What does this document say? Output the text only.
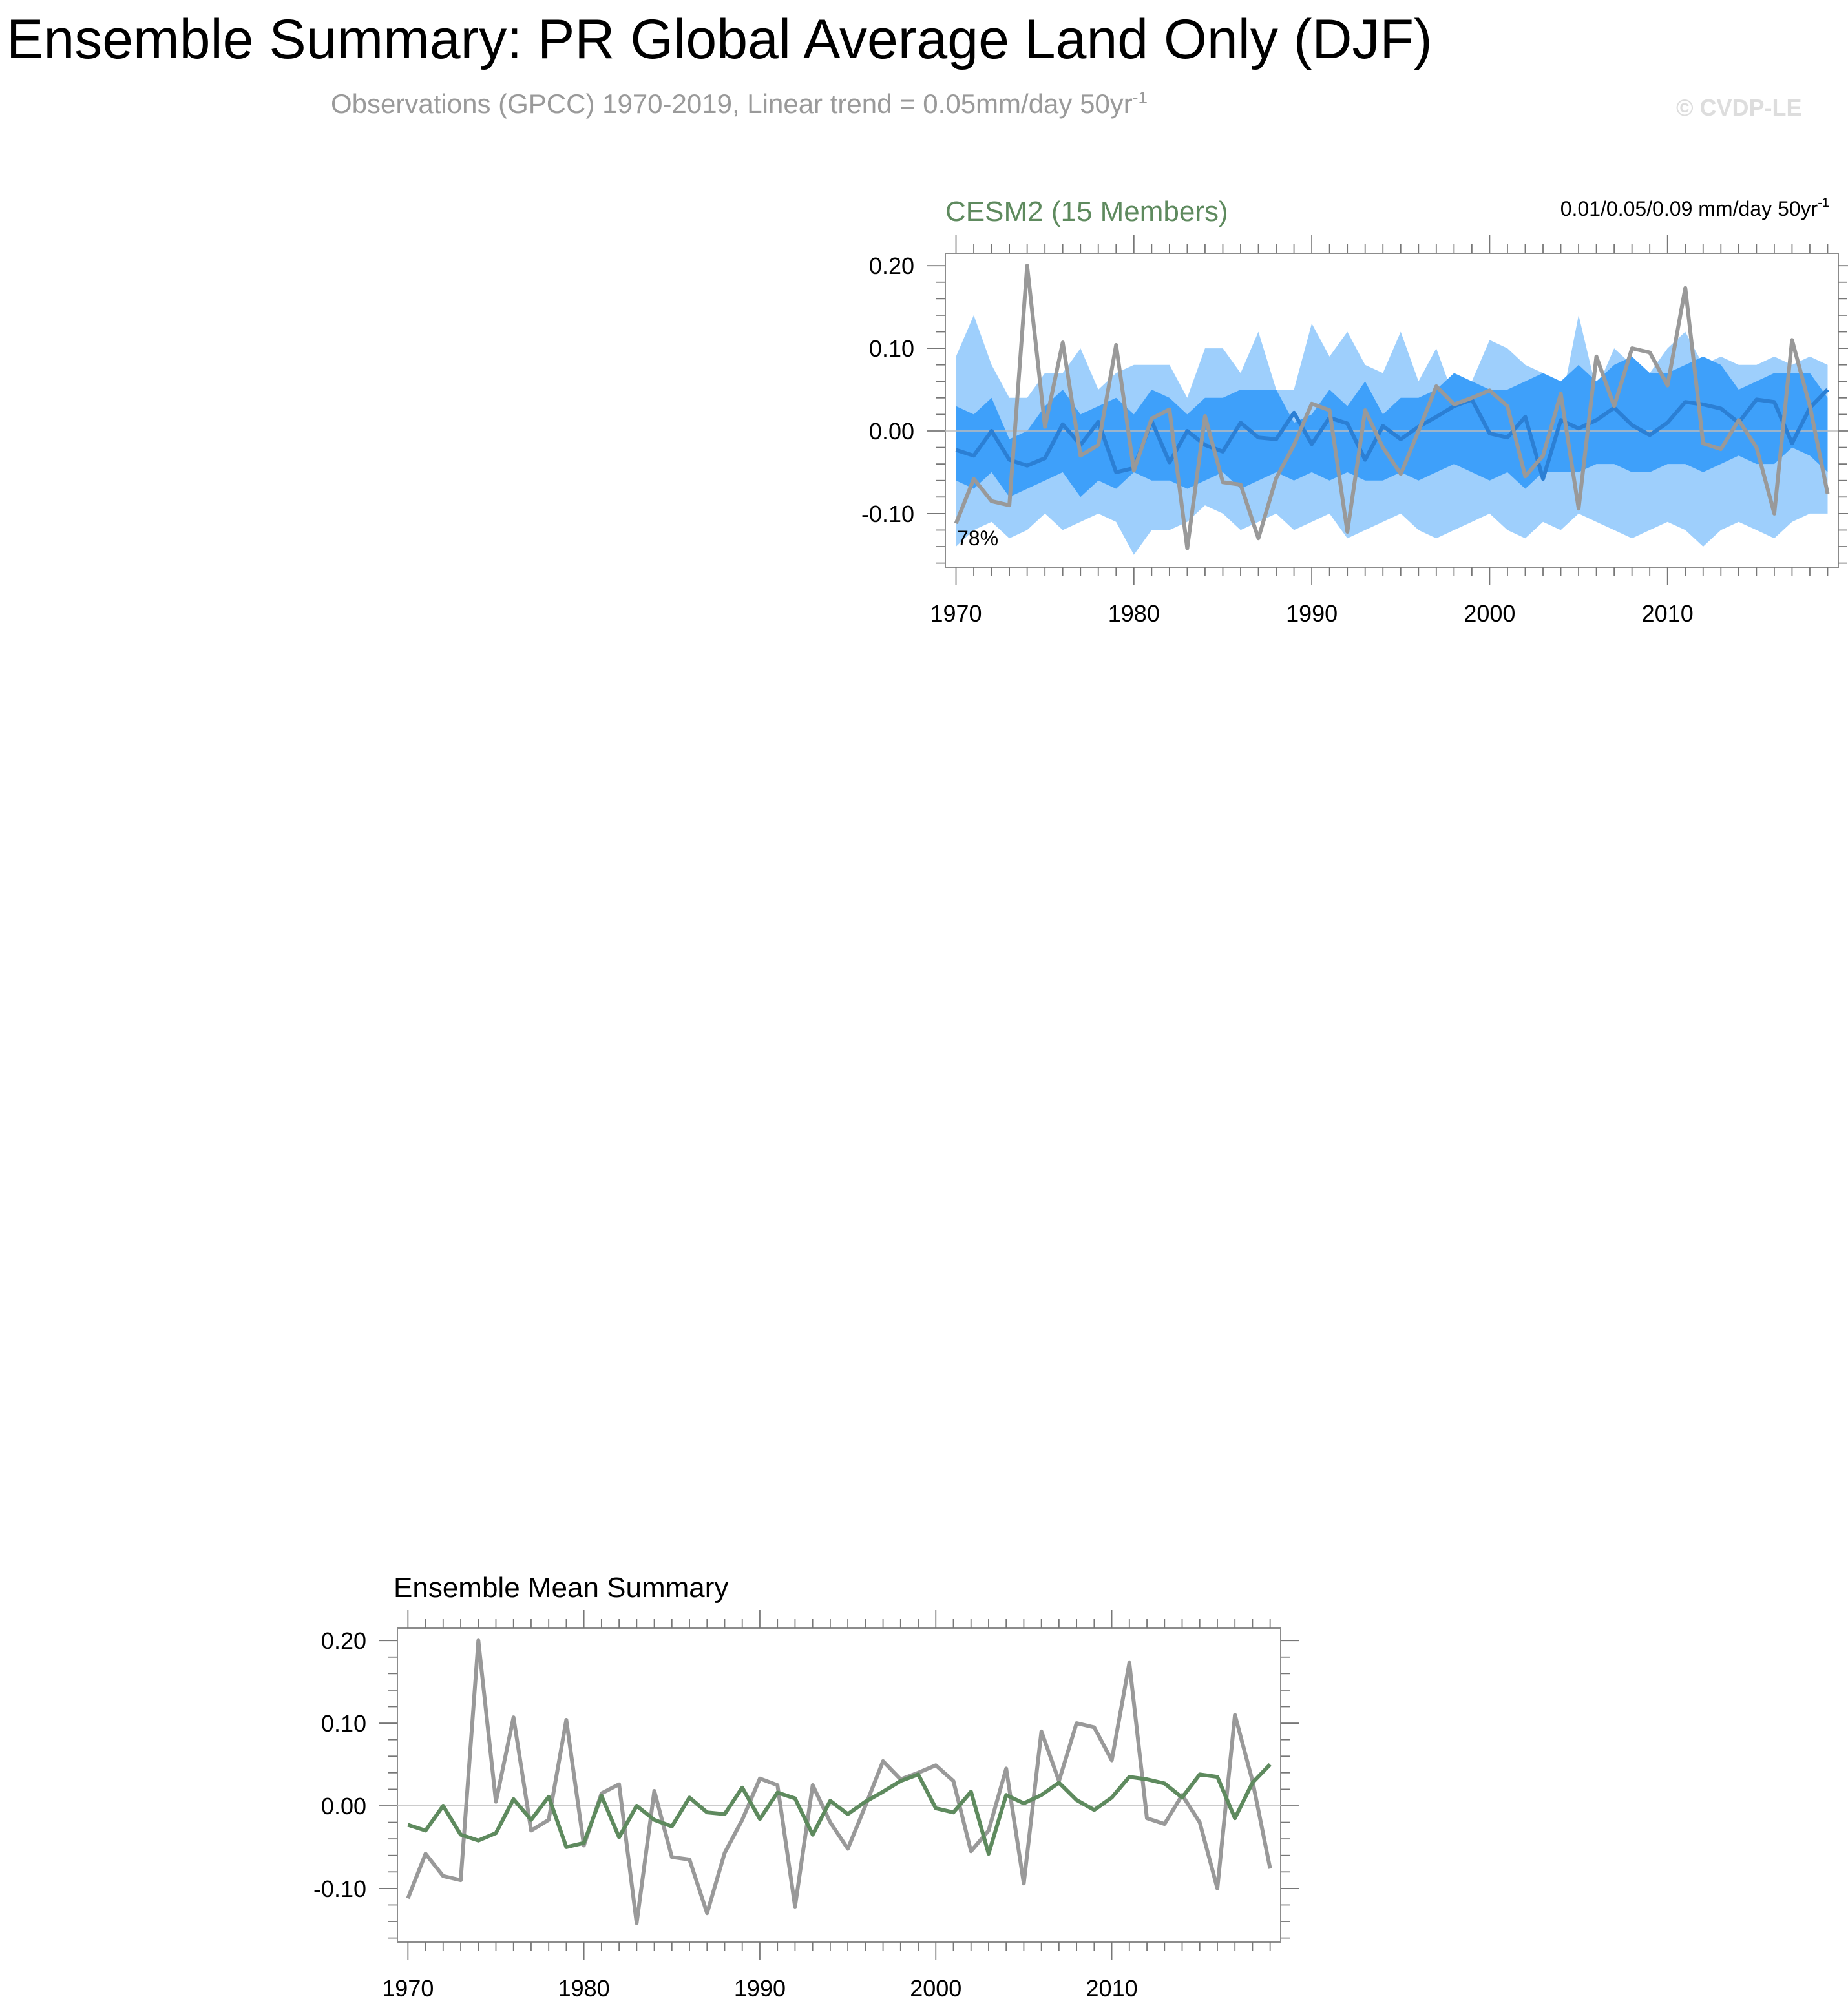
Ensemble Summary: PR Global Average Land Only (DJF)
Observations (GPCC) 1970-2019, Linear trend = 0.05mm/day $50yr^{-1}$	© CVDP-LE
-0.10
0.00
0.10
0.20
1970	1980	1990	2000	2010
CESM2 (15 Members)	0.01/0.05/0.09 mm/day $50yr^{-1}$
78%
-0.10
0.00
0.10
0.20
1970	1980	1990	2000	2010
Ensemble Mean Summary
